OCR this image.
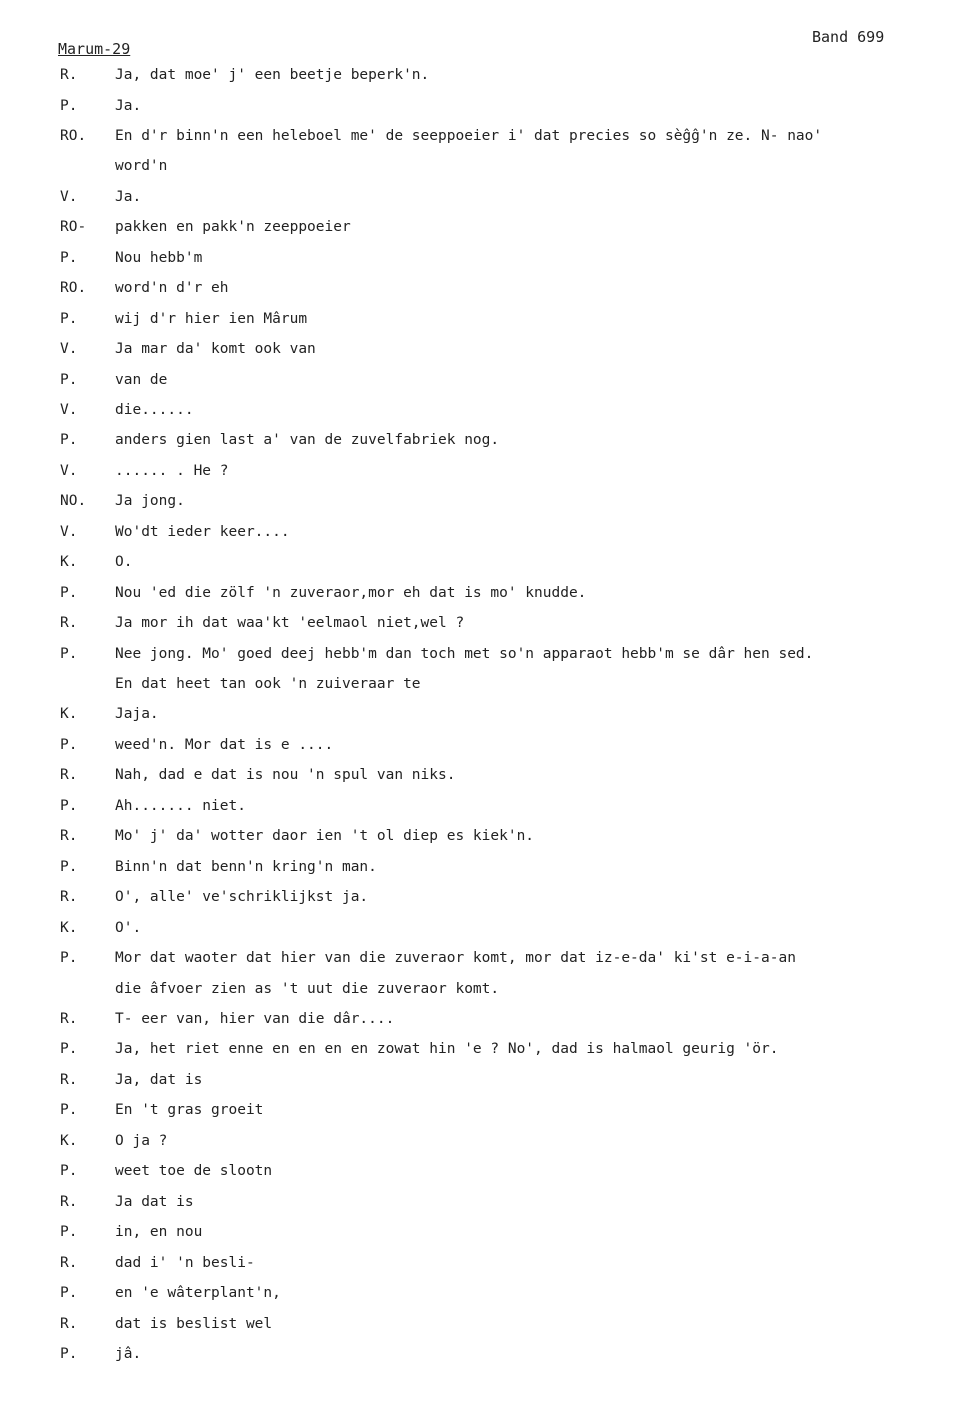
Marum-29
Band 699
R.	Ja, dat moe' j' een beetje beperk'n.
P.	Ja.
RO.	En d'r binn'n een heleboel me' de seeppoeier i' dat precies so sèĝĝ'n ze. N- nao'
word'n
V.	Ja.
RO-	pakken en pakk'n zeeppoeier
P.	Nou hebb'm
RO.	word'n d'r eh
P.	wij d'r hier ien Mârum
V.	Ja mar da' komt ook van
P.	van de
V.	die......
P.	anders gien last a' van de zuvelfabriek nog.
V.	...... . He ?
NO.	Ja jong.
V.	Wo'dt ieder keer....
K.	O.
P.	Nou 'ed die zölf 'n zuveraor,mor eh dat is mo' knudde.
R.	Ja mor ih dat waa'kt 'eelmaol niet,wel ?
P.	Nee jong. Mo' goed deej hebb'm dan toch met so'n apparaot hebb'm se dâr hen sed.
En dat heet tan ook 'n zuiveraar te
K.	Jaja.
P.	weed'n. Mor dat is e ....
R.	Nah, dad e dat is nou 'n spul van niks.
P.	Ah....... niet.
R.	Mo' j' da' wotter daor ien 't ol diep es kiek'n.
P.	Binn'n dat benn'n kring'n man.
R.	O', alle' ve'schriklijkst ja.
K.	O'.
P.	Mor dat waoter dat hier van die zuveraor komt, mor dat iz-e-da' ki'st e-i-a-an
die âfvoer zien as 't uut die zuveraor komt.
R.	T- eer van, hier van die dâr....
P.	Ja, het riet enne en en en en zowat hin 'e ? No', dad is halmaol geurig 'ör.
R.	Ja, dat is
P.	En 't gras groeit
K.	O ja ?
P.	weet toe de slootn
R.	Ja dat is
P.	in, en nou
R.	dad i' 'n besli-
P.	en 'e wâterplant'n,
R.	dat is beslist wel
P.	jâ.
